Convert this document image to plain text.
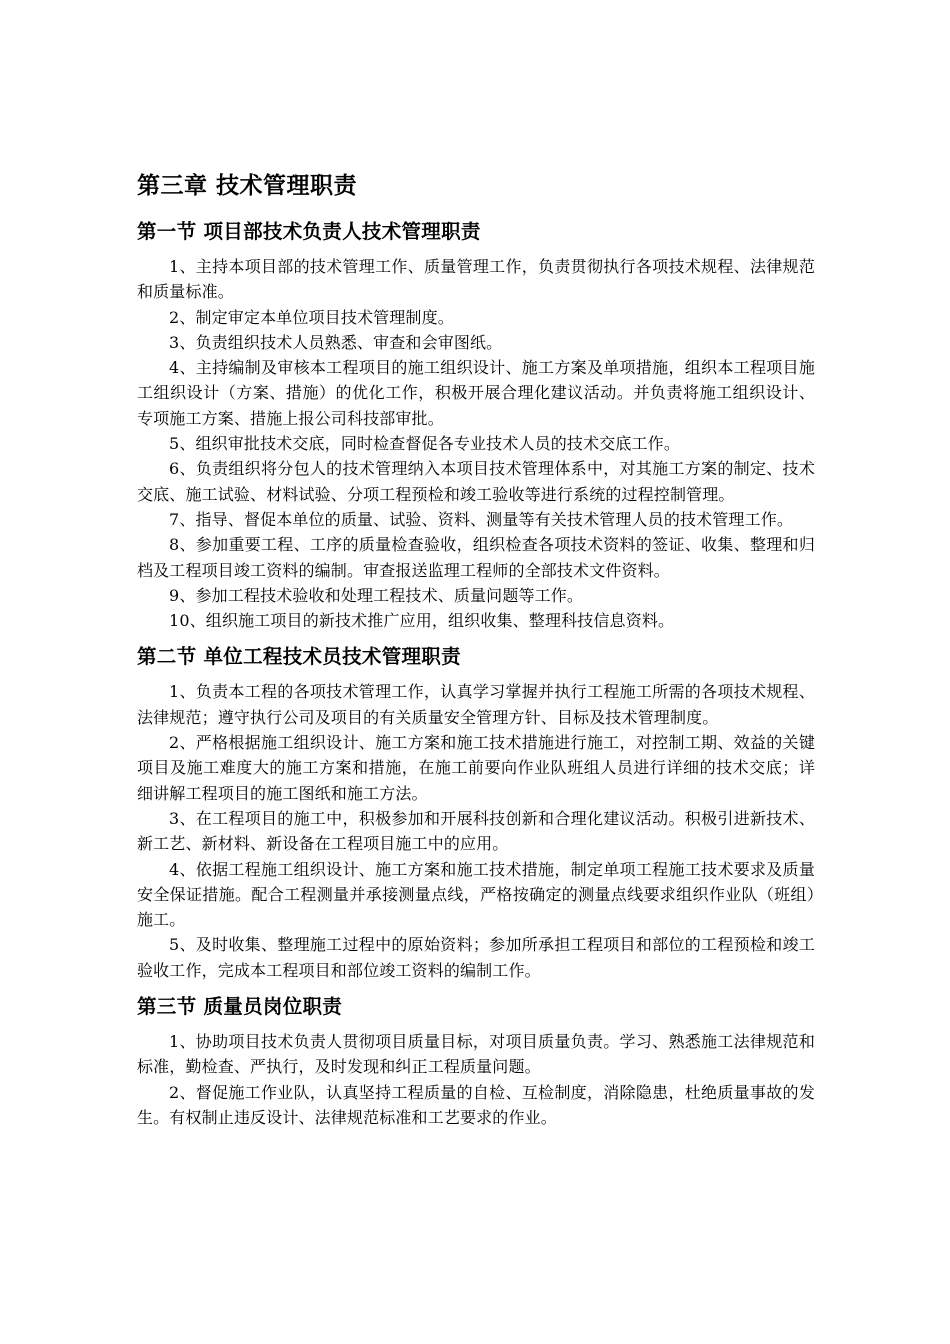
第三章 技术管理职责
第一节 项目部技术负责人技术管理职责

1、主持本项目部的技术管理工作、质量管理工作，负责贯彻执行各项技术规程、法律规范和质量标准。

2、制定审定本单位项目技术管理制度。

3、负责组织技术人员熟悉、审查和会审图纸。

4、主持编制及审核本工程项目的施工组织设计、施工方案及单项措施，组织本工程项目施工组织设计（方案、措施）的优化工作，积极开展合理化建议活动。并负责将施工组织设计、专项施工方案、措施上报公司科技部审批。

5、组织审批技术交底，同时检查督促各专业技术人员的技术交底工作。

6、负责组织将分包人的技术管理纳入本项目技术管理体系中，对其施工方案的制定、技术交底、施工试验、材料试验、分项工程预检和竣工验收等进行系统的过程控制管理。

7、指导、督促本单位的质量、试验、资料、测量等有关技术管理人员的技术管理工作。

8、参加重要工程、工序的质量检查验收，组织检查各项技术资料的签证、收集、整理和归档及工程项目竣工资料的编制。审查报送监理工程师的全部技术文件资料。

9、参加工程技术验收和处理工程技术、质量问题等工作。

10、组织施工项目的新技术推广应用，组织收集、整理科技信息资料。

第二节 单位工程技术员技术管理职责

1、负责本工程的各项技术管理工作，认真学习掌握并执行工程施工所需的各项技术规程、法律规范；遵守执行公司及项目的有关质量安全管理方针、目标及技术管理制度。

2、严格根据施工组织设计、施工方案和施工技术措施进行施工，对控制工期、效益的关键项目及施工难度大的施工方案和措施，在施工前要向作业队班组人员进行详细的技术交底；详细讲解工程项目的施工图纸和施工方法。

3、在工程项目的施工中，积极参加和开展科技创新和合理化建议活动。积极引进新技术、新工艺、新材料、新设备在工程项目施工中的应用。

4、依据工程施工组织设计、施工方案和施工技术措施，制定单项工程施工技术要求及质量安全保证措施。配合工程测量并承接测量点线，严格按确定的测量点线要求组织作业队（班组）施工。

5、及时收集、整理施工过程中的原始资料；参加所承担工程项目和部位的工程预检和竣工验收工作，完成本工程项目和部位竣工资料的编制工作。

第三节 质量员岗位职责

1、协助项目技术负责人贯彻项目质量目标，对项目质量负责。学习、熟悉施工法律规范和标准，勤检查、严执行，及时发现和纠正工程质量问题。

2、督促施工作业队，认真坚持工程质量的自检、互检制度，消除隐患，杜绝质量事故的发生。有权制止违反设计、法律规范标准和工艺要求的作业。
